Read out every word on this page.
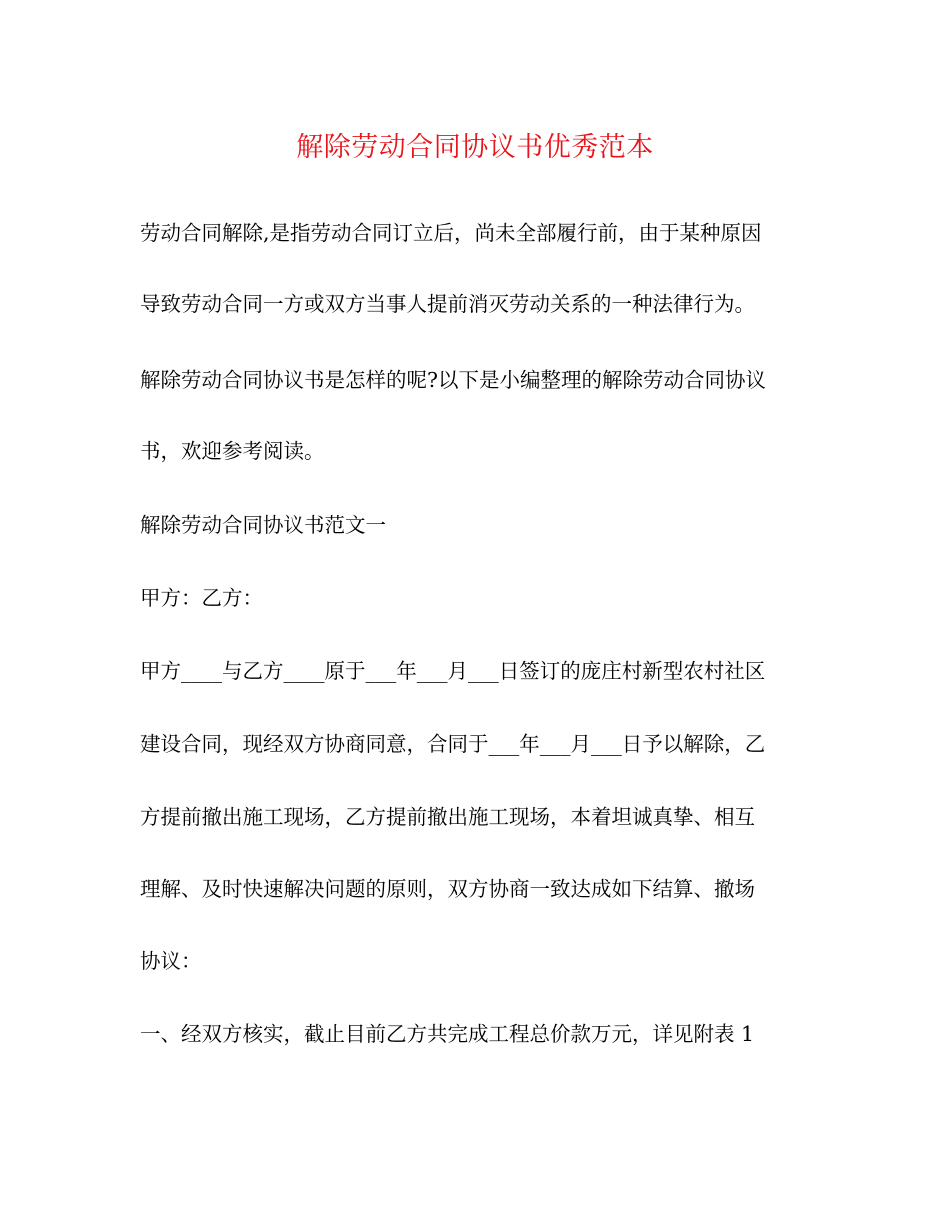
解除劳动合同协议书优秀范本
劳动合同解除,是指劳动合同订立后，尚未全部履行前，由于某种原因
导致劳动合同一方或双方当事人提前消灭劳动关系的一种法律行为。
解除劳动合同协议书是怎样的呢?以下是小编整理的解除劳动合同协议
书，欢迎参考阅读。
解除劳动合同协议书范文一
甲方：乙方：
甲方____与乙方____原于___年___月___日签订的庞庄村新型农村社区
建设合同，现经双方协商同意，合同于___年___月___日予以解除，乙
方提前撤出施工现场，乙方提前撤出施工现场，本着坦诚真挚、相互
理解、及时快速解决问题的原则，双方协商一致达成如下结算、撤场
协议：
一、经双方核实，截止目前乙方共完成工程总价款万元，详见附表 1
